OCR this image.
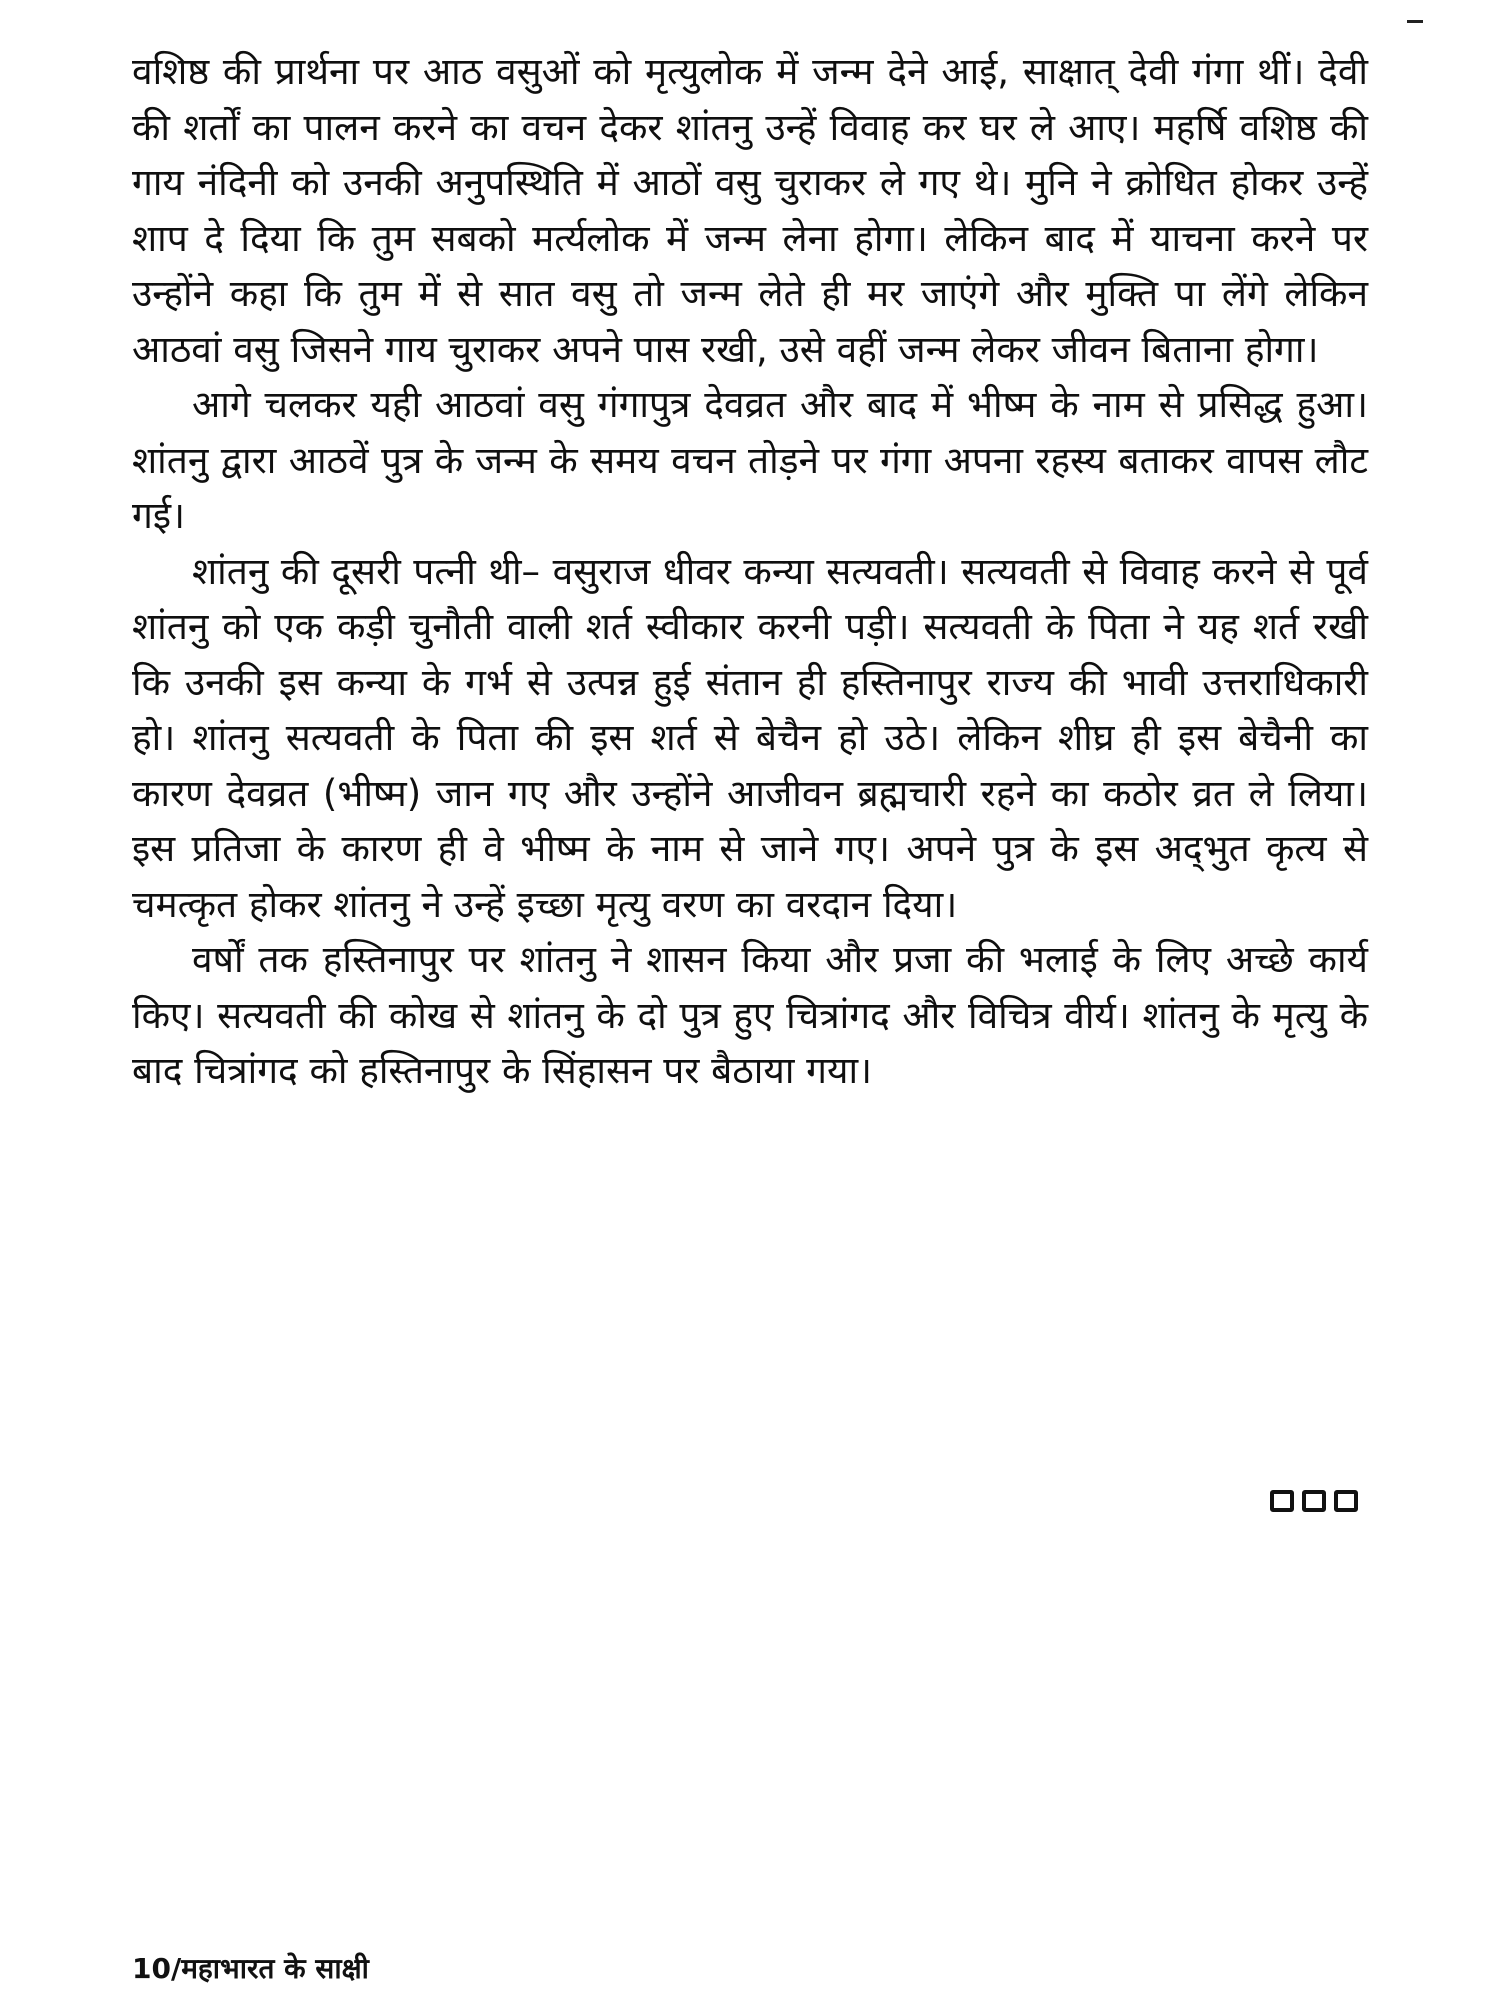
वशिष्ठ की प्रार्थना पर आठ वसुओं को मृत्युलोक में जन्म देने आई, साक्षात् देवी गंगा थीं। देवी की शर्तों का पालन करने का वचन देकर शांतनु उन्हें विवाह कर घर ले आए। महर्षि वशिष्ठ की गाय नंदिनी को उनकी अनुपस्थिति में आठों वसु चुराकर ले गए थे। मुनि ने क्रोधित होकर उन्हें शाप दे दिया कि तुम सबको मर्त्यलोक में जन्म लेना होगा। लेकिन बाद में याचना करने पर उन्होंने कहा कि तुम में से सात वसु तो जन्म लेते ही मर जाएंगे और मुक्ति पा लेंगे लेकिन आठवां वसु जिसने गाय चुराकर अपने पास रखी, उसे वहीं जन्म लेकर जीवन बिताना होगा।

आगे चलकर यही आठवां वसु गंगापुत्र देवव्रत और बाद में भीष्म के नाम से प्रसिद्ध हुआ। शांतनु द्वारा आठवें पुत्र के जन्म के समय वचन तोड़ने पर गंगा अपना रहस्य बताकर वापस लौट गई।

शांतनु की दूसरी पत्नी थी– वसुराज धीवर कन्या सत्यवती। सत्यवती से विवाह करने से पूर्व शांतनु को एक कड़ी चुनौती वाली शर्त स्वीकार करनी पड़ी। सत्यवती के पिता ने यह शर्त रखी कि उनकी इस कन्या के गर्भ से उत्पन्न हुई संतान ही हस्तिनापुर राज्य की भावी उत्तराधिकारी हो। शांतनु सत्यवती के पिता की इस शर्त से बेचैन हो उठे। लेकिन शीघ्र ही इस बेचैनी का कारण देवव्रत (भीष्म) जान गए और उन्होंने आजीवन ब्रह्मचारी रहने का कठोर व्रत ले लिया। इस प्रतिजा के कारण ही वे भीष्म के नाम से जाने गए। अपने पुत्र के इस अद्‌भुत कृत्य से चमत्कृत होकर शांतनु ने उन्हें इच्छा मृत्यु वरण का वरदान दिया।

वर्षों तक हस्तिनापुर पर शांतनु ने शासन किया और प्रजा की भलाई के लिए अच्छे कार्य किए। सत्यवती की कोख से शांतनु के दो पुत्र हुए चित्रांगद और विचित्र वीर्य। शांतनु के मृत्यु के बाद चित्रांगद को हस्तिनापुर के सिंहासन पर बैठाया गया।

10/महाभारत के साक्षी
